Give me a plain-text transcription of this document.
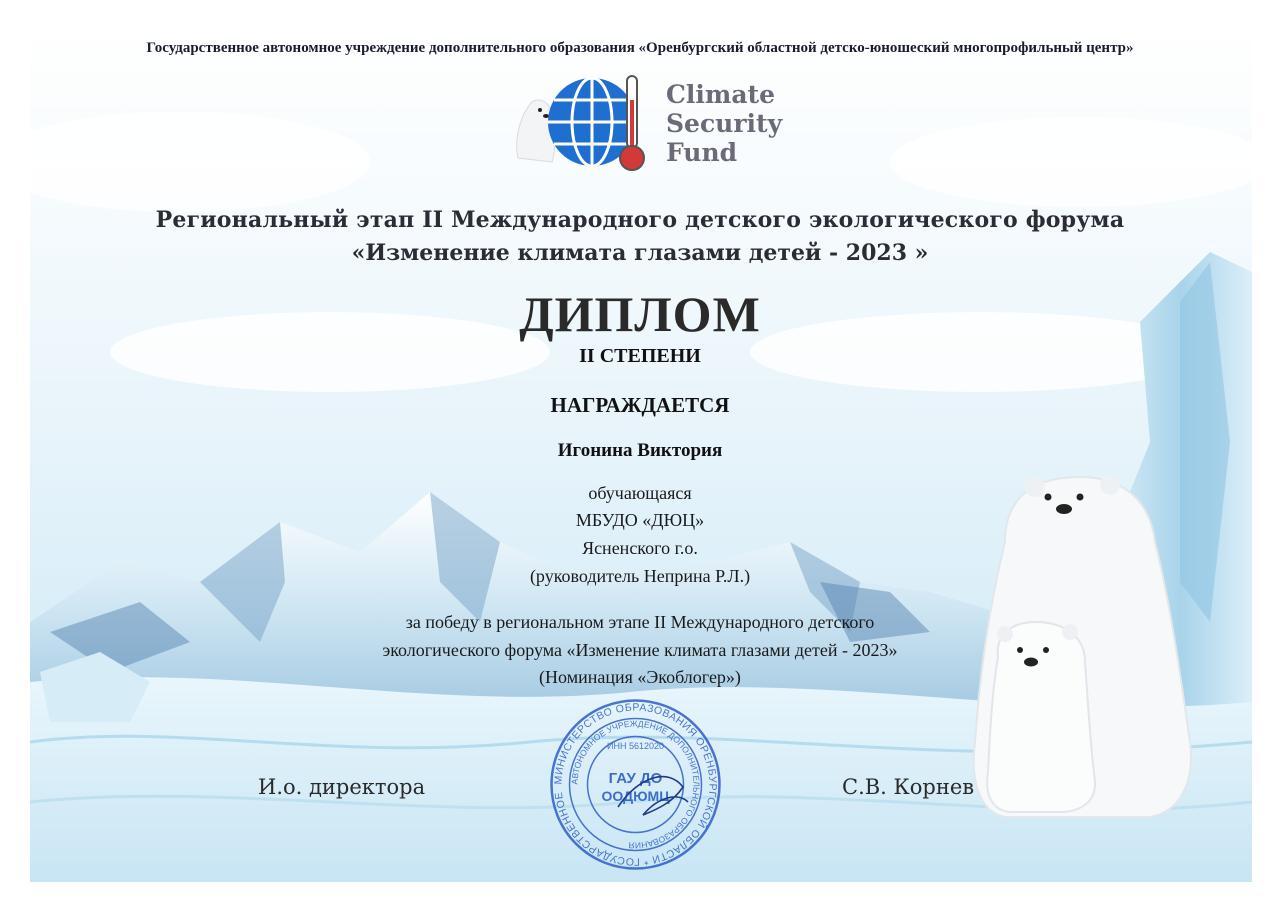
Государственное автономное учреждение дополнительного образования «Оренбургский областной детско-юношеский многопрофильный центр»
Climate
Security
Fund
Региональный этап II Международного детского экологического форума
«Изменение климата глазами детей - 2023 »
ДИПЛОМ
II СТЕПЕНИ
НАГРАЖДАЕТСЯ
Игонина Виктория
обучающаяся
МБУДО «ДЮЦ»
Ясненского г.о.
(руководитель Неприна Р.Л.)
за победу в региональном этапе II Международного детского
экологического форума «Изменение климата глазами детей - 2023»
(Номинация «Экоблогер»)
И.о. директора	С.В. Корнев
МИНИСТЕРСТВО ОБРАЗОВАНИЯ ОРЕНБУРГСКОЙ ОБЛАСТИ * ГОСУДАРСТВЕННОЕ
АВТОНОМНОЕ УЧРЕЖДЕНИЕ ДОПОЛНИТЕЛЬНОГО ОБРАЗОВАНИЯ
ИНН 5612020
ГАУ ДО
ООДЮМЦ
